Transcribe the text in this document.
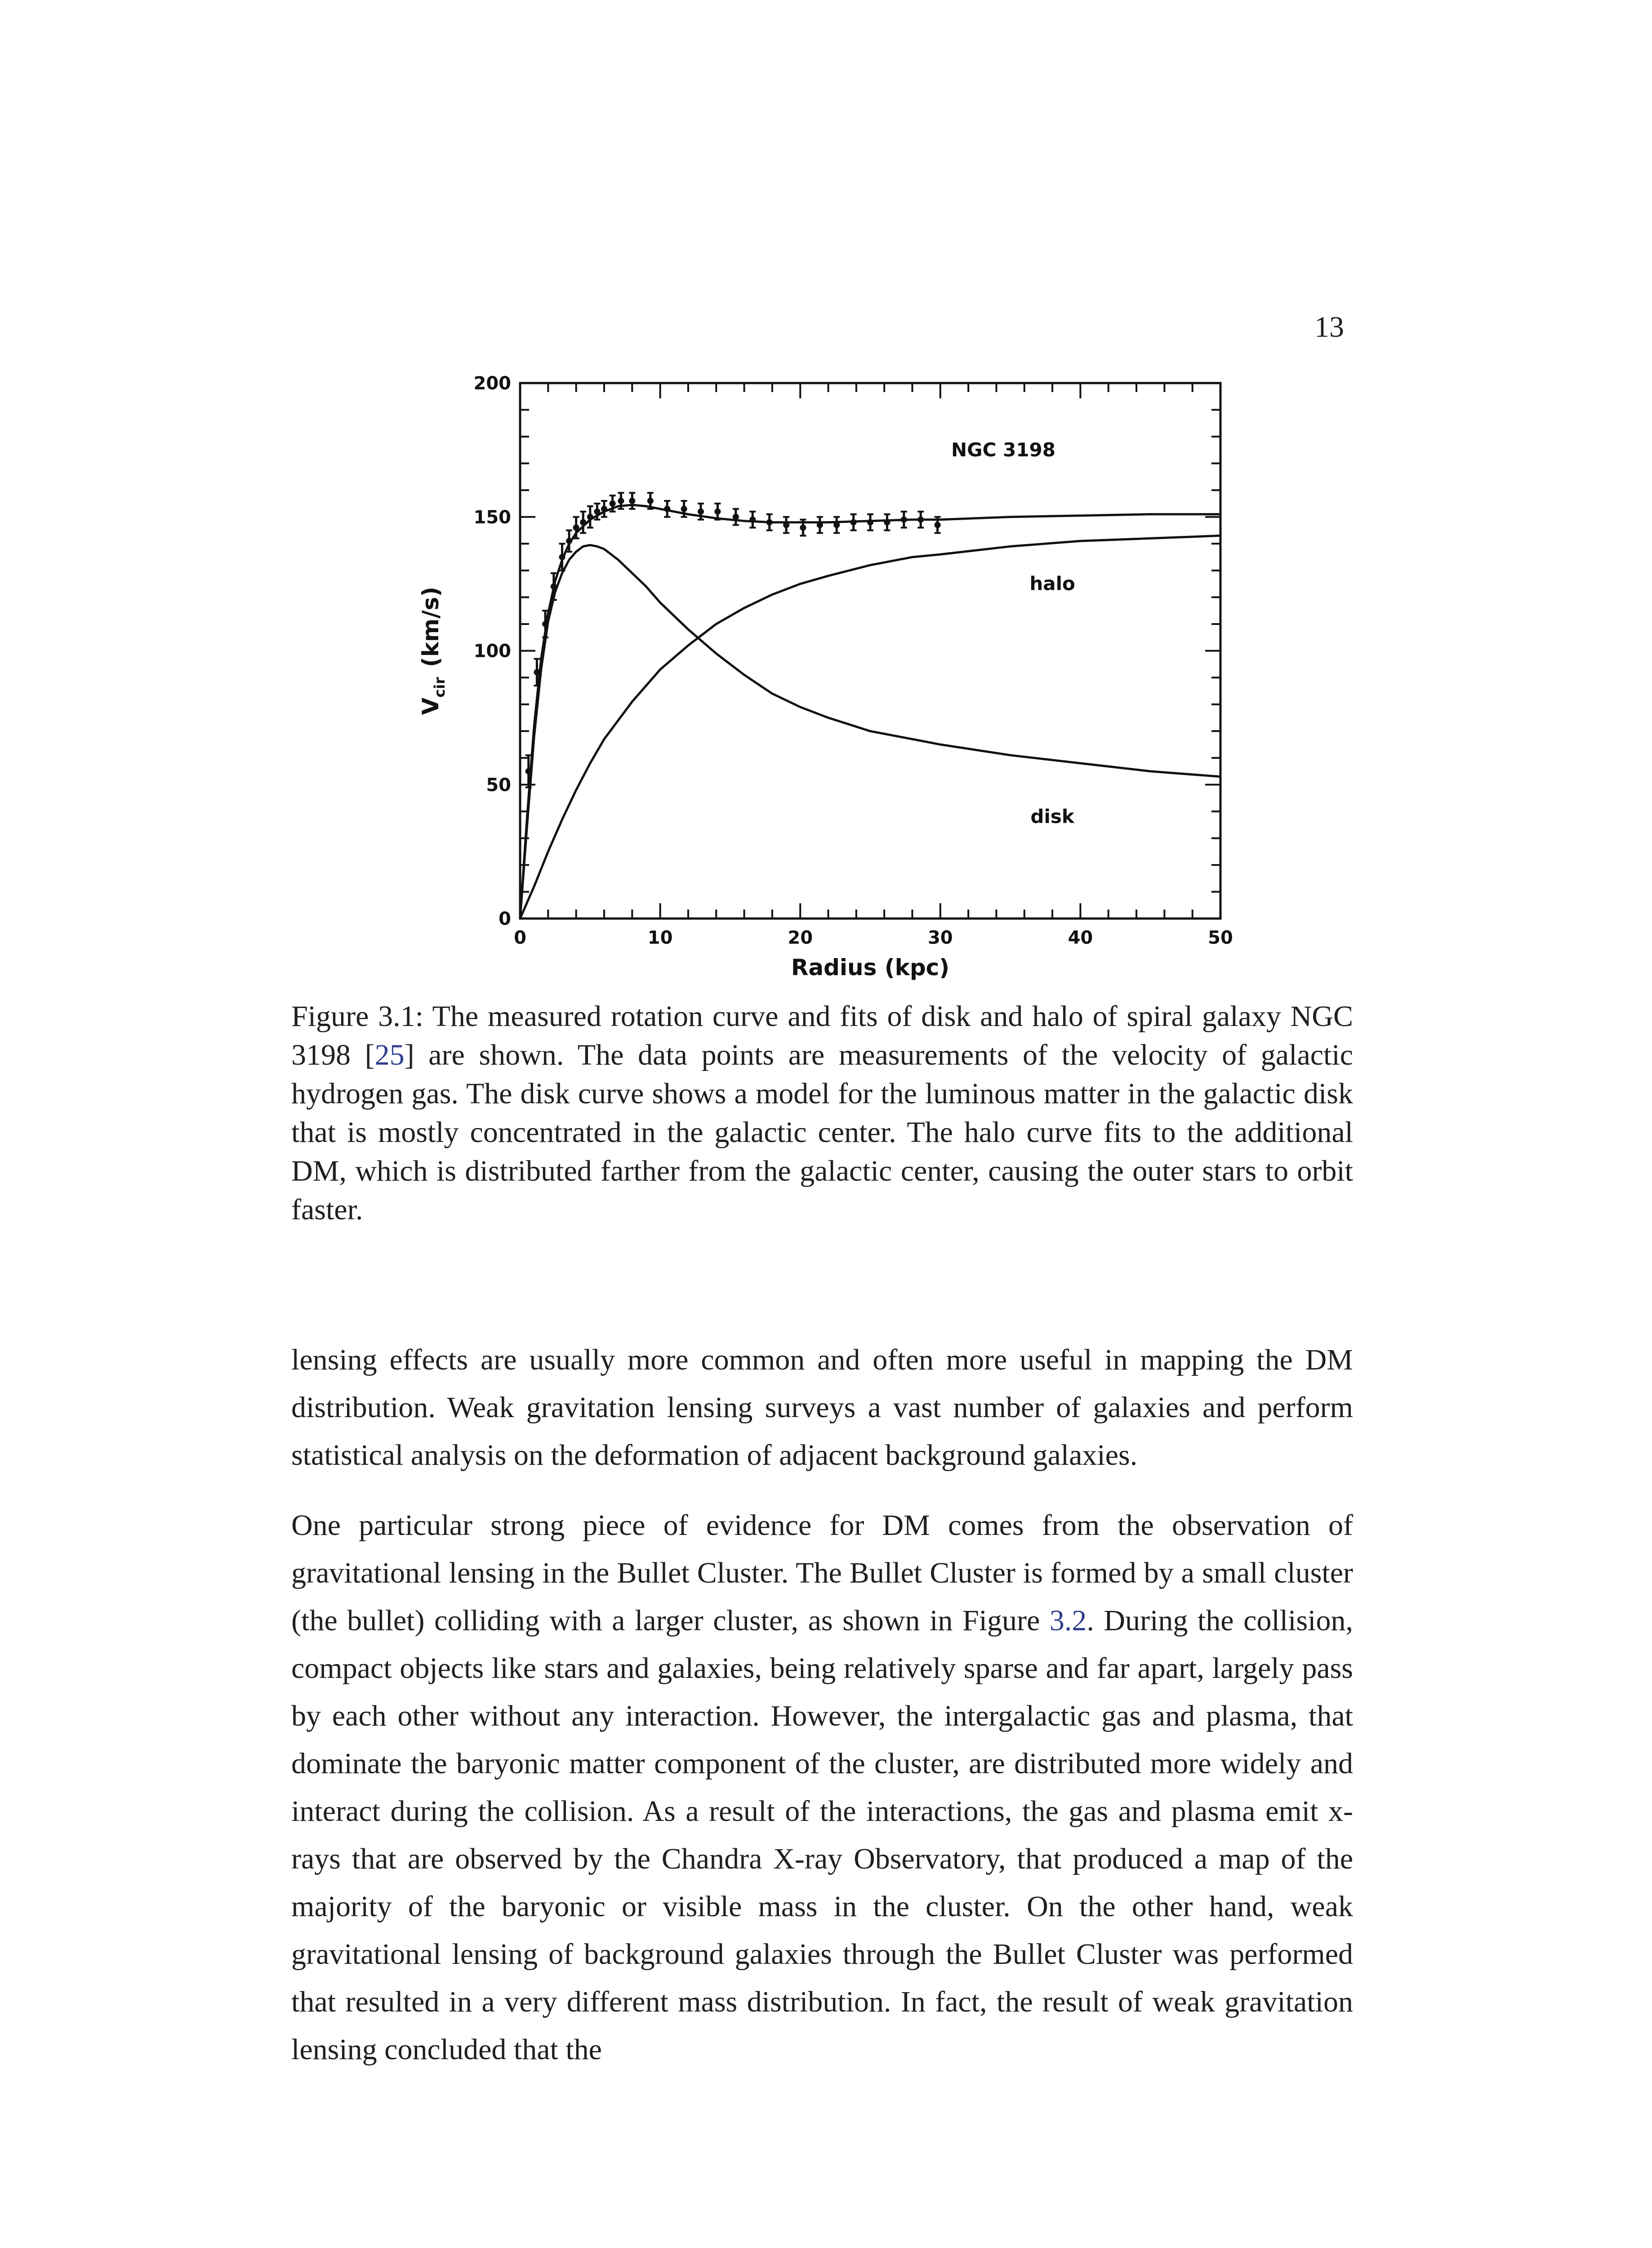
13
0	10	20	30	40	50
0
50
100
150
200
Radius (kpc)
$V_{cir}(km/s)$
NGC 3198
halo
disk
Figure 3.1: The measured rotation curve and fits of disk and halo of spiral galaxy NGC 3198 [25] are shown. The data points are measurements of the velocity of galactic hydrogen gas. The disk curve shows a model for the luminous matter in the galactic disk that is mostly concentrated in the galactic center. The halo curve fits to the additional DM, which is distributed farther from the galactic center, causing the outer stars to orbit faster.

lensing effects are usually more common and often more useful in mapping the DM distribution. Weak gravitation lensing surveys a vast number of galaxies and perform statistical analysis on the deformation of adjacent background galaxies.

One particular strong piece of evidence for DM comes from the observation of gravitational lensing in the Bullet Cluster. The Bullet Cluster is formed by a small cluster (the bullet) colliding with a larger cluster, as shown in Figure 3.2. During the collision, compact objects like stars and galaxies, being relatively sparse and far apart, largely pass by each other without any interaction. However, the intergalactic gas and plasma, that dominate the baryonic matter component of the cluster, are distributed more widely and interact during the collision. As a result of the interactions, the gas and plasma emit x-rays that are observed by the Chandra X-ray Observatory, that produced a map of the majority of the baryonic or visible mass in the cluster. On the other hand, weak gravitational lensing of background galaxies through the Bullet Cluster was performed that resulted in a very different mass distribution. In fact, the result of weak gravitation lensing concluded that the
